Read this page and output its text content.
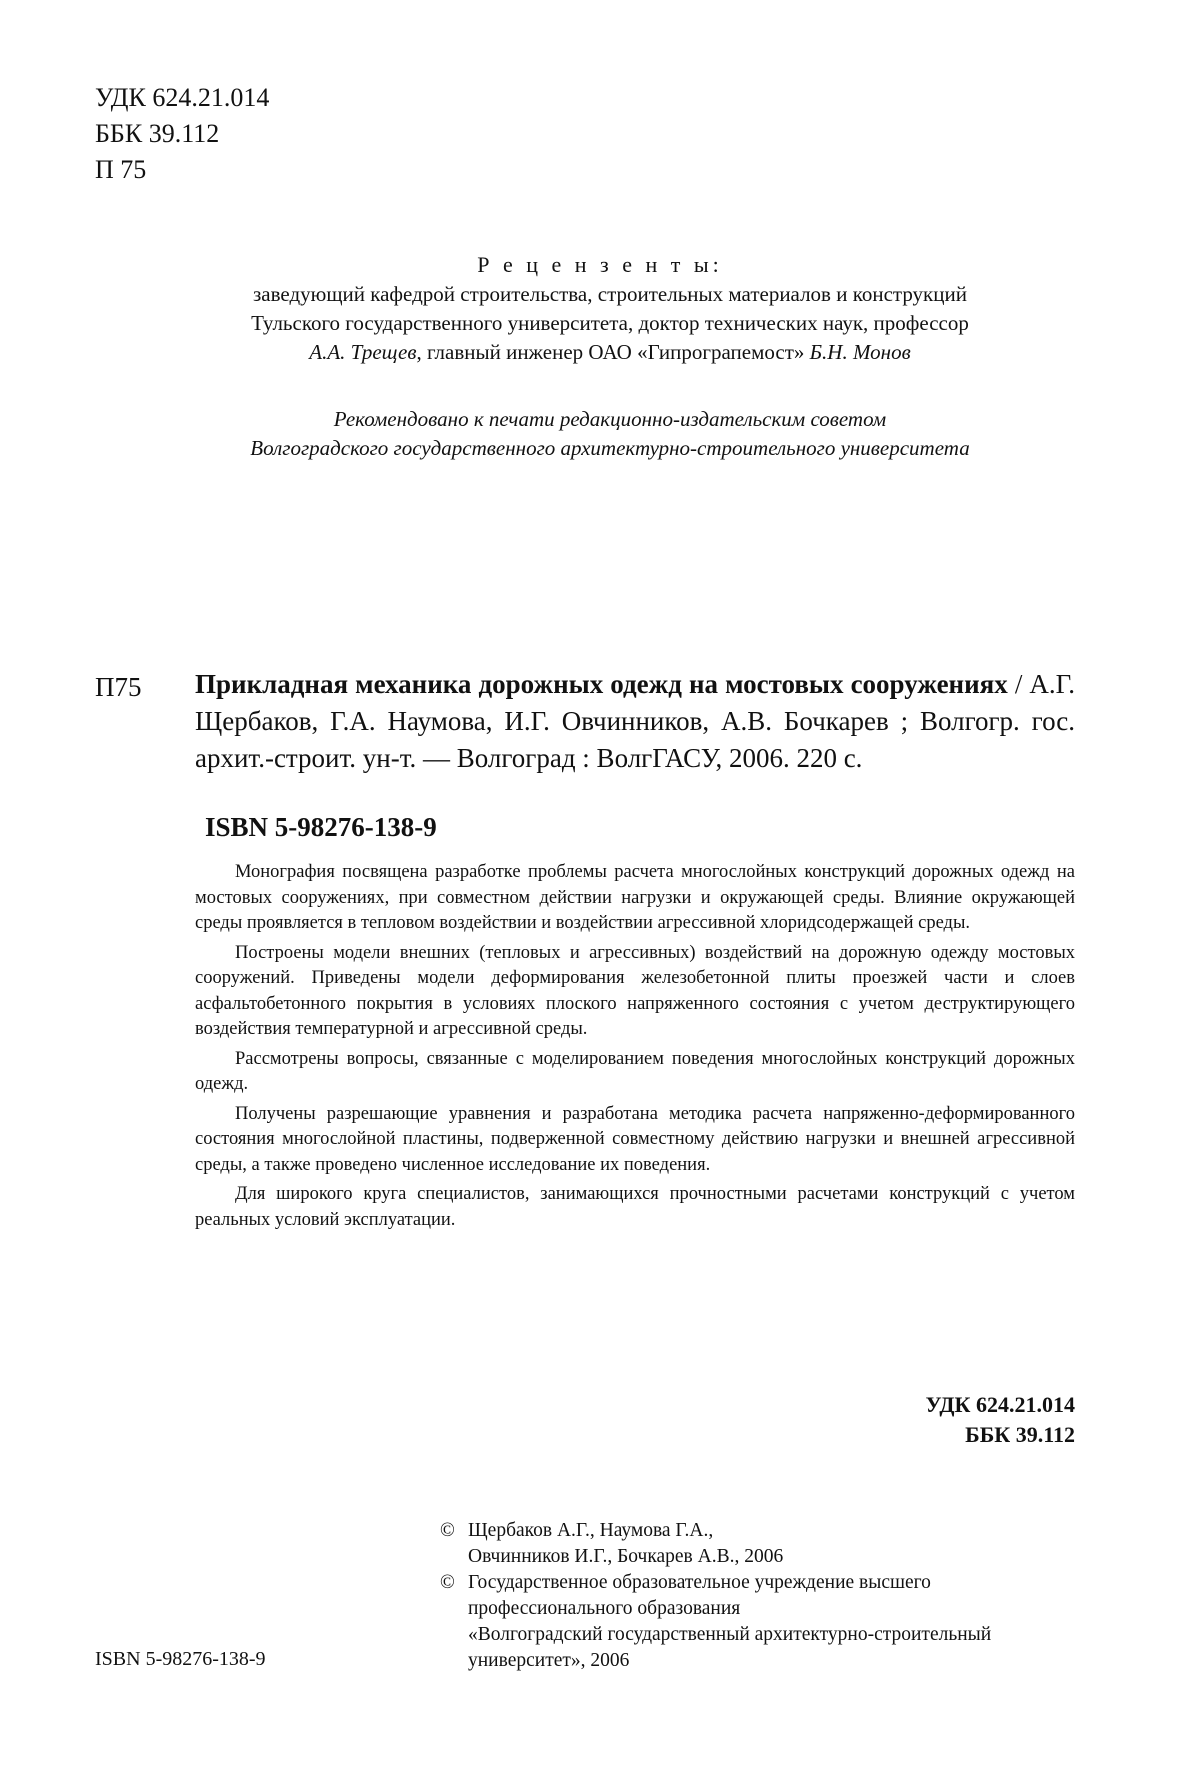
УДК 624.21.014
ББК 39.112
П 75
Р е ц е н з е н т ы:
заведующий кафедрой строительства, строительных материалов и конструкций
Тульского государственного университета, доктор технических наук, профессор
А.А. Трещев, главный инженер ОАО «Гипрограпемост» Б.Н. Монов
Рекомендовано к печати редакционно-издательским советом
Волгоградского государственного архитектурно-строительного университета
П75 Прикладная механика дорожных одежд на мостовых сооружениях / А.Г. Щербаков, Г.А. Наумова, И.Г. Овчинников, А.В. Бочкарев ; Волгогр. гос. архит.-строит. ун-т. — Волгоград : ВолгГАСУ, 2006. 220 с.
ISBN 5-98276-138-9

Монография посвящена разработке проблемы расчета многослойных конструкций дорожных одежд на мостовых сооружениях, при совместном действии нагрузки и окружающей среды. Влияние окружающей среды проявляется в тепловом воздействии и воздействии агрессивной хлоридсодержащей среды.

Построены модели внешних (тепловых и агрессивных) воздействий на дорожную одежду мостовых сооружений. Приведены модели деформирования железобетонной плиты проезжей части и слоев асфальтобетонного покрытия в условиях плоского напряженного состояния с учетом деструктирующего воздействия температурной и агрессивной среды.

Рассмотрены вопросы, связанные с моделированием поведения многослойных конструкций дорожных одежд.

Получены разрешающие уравнения и разработана методика расчета напряженно-деформированного состояния многослойной пластины, подверженной совместному действию нагрузки и внешней агрессивной среды, а также проведено численное исследование их поведения.

Для широкого круга специалистов, занимающихся прочностными расчетами конструкций с учетом реальных условий эксплуатации.

УДК 624.21.014
ББК 39.112
© Щербаков А.Г., Наумова Г.А.,
Овчинников И.Г., Бочкарев А.В., 2006
© Государственное образовательное учреждение высшего
профессионального образования
«Волгоградский государственный архитектурно-строительный
университет», 2006
ISBN 5-98276-138-9
